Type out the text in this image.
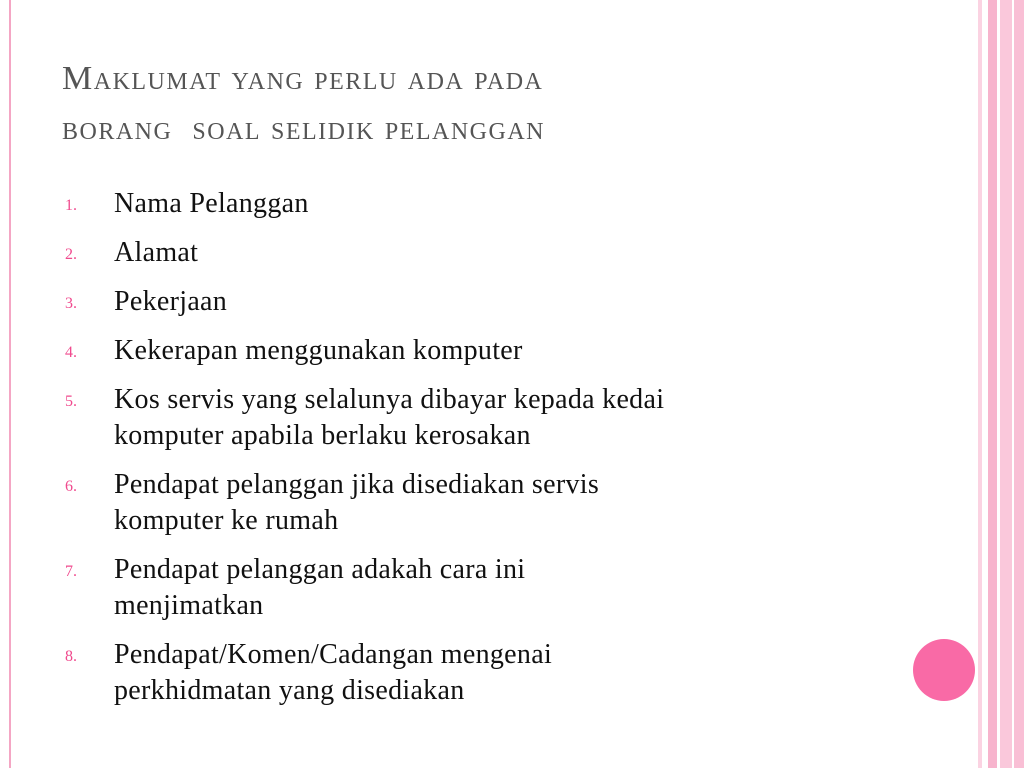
Maklumat yang perlu ada pada
borang  soal selidik pelanggan
1. Nama Pelanggan
2. Alamat
3. Pekerjaan
4. Kekerapan menggunakan komputer
5. Kos servis yang selalunya dibayar kepada kedai
komputer apabila berlaku kerosakan
6. Pendapat pelanggan jika disediakan servis
komputer ke rumah
7. Pendapat pelanggan adakah cara ini
menjimatkan
8. Pendapat/Komen/Cadangan mengenai
perkhidmatan yang disediakan
